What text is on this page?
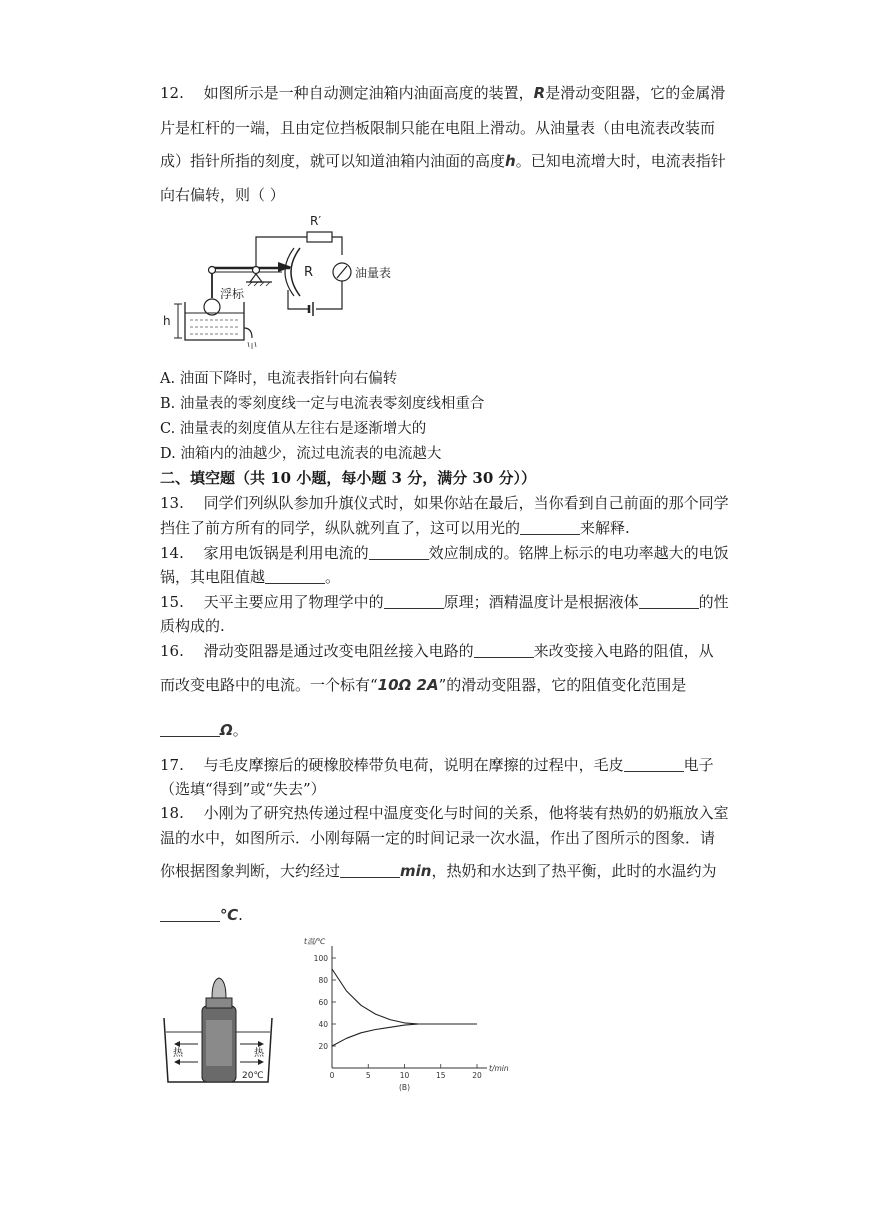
12.　 如图所示是一种自动测定油箱内油面高度的装置，R是滑动变阻器，它的金属滑
片是杠杆的一端，且由定位挡板限制只能在电阻上滑动。从油量表（由电流表改装而
成）指针所指的刻度，就可以知道油箱内油面的高度h。已知电流增大时，电流表指针
向右偏转，则（ ）
R′
油量表
R
浮标
h
A. 油面下降时，电流表指针向右偏转
B. 油量表的零刻度线一定与电流表零刻度线相重合
C. 油量表的刻度值从左往右是逐渐增大的
D. 油箱内的油越少，流过电流表的电流越大
二、填空题（共 10 小题，每小题 3 分，满分 30 分））
13.　 同学们列纵队参加升旗仪式时，如果你站在最后，当你看到自己前面的那个同学
挡住了前方所有的同学，纵队就列直了，这可以用光的	来解释.
14.　 家用电饭锅是利用电流的	效应制成的。铭牌上标示的电功率越大的电饭
锅，其电阻值越	。
15.　 天平主要应用了物理学中的	原理；酒精温度计是根据液体	的性
质构成的.
16.　 滑动变阻器是通过改变电阻丝接入电路的	来改变接入电路的阻值，从
而改变电路中的电流。一个标有“10Ω 2A”的滑动变阻器，它的阻值变化范围是
Ω。
17.　 与毛皮摩擦后的硬橡胶棒带负电荷，说明在摩擦的过程中，毛皮	电子
（选填“得到”或“失去”）
18.　 小刚为了研究热传递过程中温度变化与时间的关系，他将装有热奶的奶瓶放入室
温的水中，如图所示．小刚每隔一定的时间记录一次水温，作出了图所示的图象．请
你根据图象判断，大约经过	min，热奶和水达到了热平衡，此时的水温约为
℃.
热	热
20℃
20
40
60
80
100
0	5	10	15	20
t温/℃
t/min
(B)
